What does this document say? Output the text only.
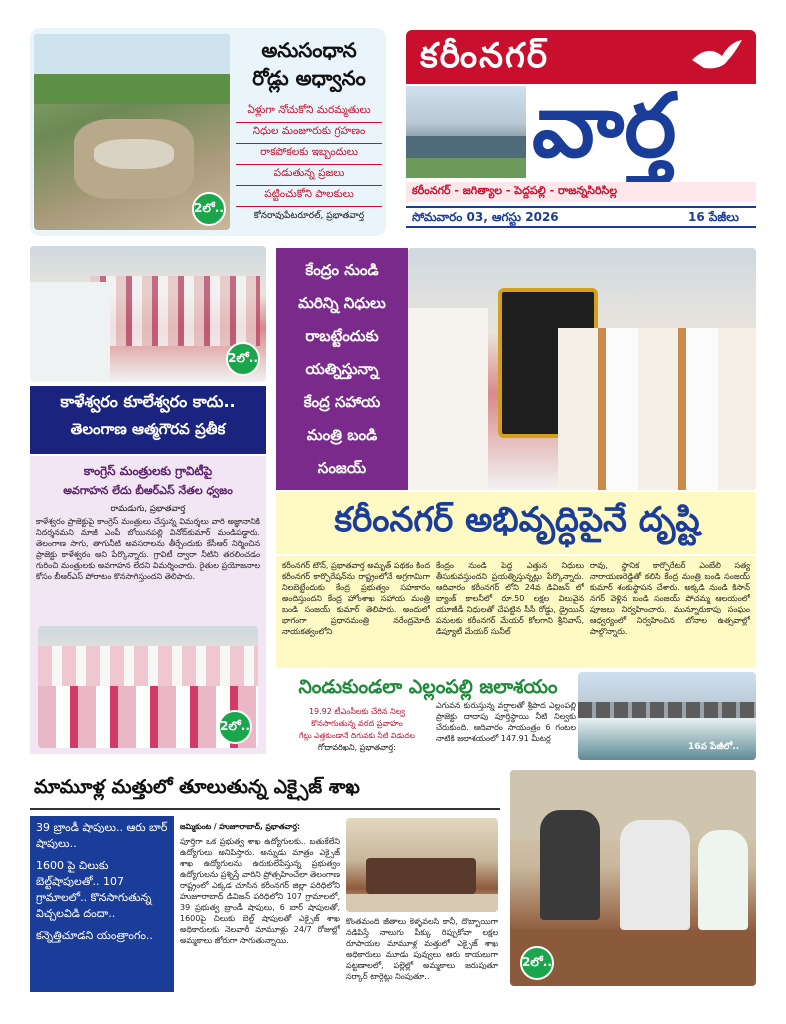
2లో..
అనుసంధాన
రోడ్లు అధ్వానం

ఏళ్లుగా నోచుకోని మరమ్మతులు

నిధుల మంజూరుకు గ్రహణం

రాకపోకలకు ఇబ్బందులు

పడుతున్న ప్రజలు

పట్టించుకోని పాలకులు

కోనరావుపేటరూరల్, ప్రభాతవార్త
కరీంనగర్
వార్త
కరీంనగర్ - జగిత్యాల - పెద్దపల్లి - రాజన్నసిరిసిల్ల
సోమవారం 03, ఆగస్టు 2026	16 పేజీలు
2లో..
కాళేశ్వరం కూలేశ్వరం కాదు..
తెలంగాణ ఆత్మగౌరవ ప్రతీక
కాంగ్రెస్ మంత్రులకు గ్రావిటీపై
అవగాహన లేదు బీఆర్ఎస్ నేతల ధ్వజం
రామడుగు, ప్రభాతవార్త
కాళేశ్వరం ప్రాజెక్టుపై కాంగ్రెస్ మంత్రులు చేస్తున్న విమర్శలు వారి అజ్ఞానానికి నిదర్శనమని మాజీ ఎంపీ బోయినపల్లి వినోద్‌కుమార్ మండిపడ్డారు. తెలంగాణ సాగు, తాగునీటి అవసరాలను తీర్చేందుకు కేసీఆర్ నిర్మించిన ప్రాజెక్టు కాళేశ్వరం అని పేర్కొన్నారు. గ్రావిటీ ద్వారా నీటిని తరలించడం గురించి మంత్రులకు అవగాహన లేదని విమర్శించారు. రైతుల ప్రయోజనాల కోసం బీఆర్ఎస్ పోరాటం కొనసాగిస్తుందని తెలిపారు.
2లో..
కేంద్రం నుండి
మరిన్ని నిధులు
రాబట్టేందుకు
యత్నిస్తున్నా
కేంద్ర సహాయ
మంత్రి బండి
సంజయ్
కరీంనగర్ అభివృద్ధిపైనే దృష్టి
కరీంనగర్ టౌన్, ప్రభాతవార్త అమృత్ పథకం కింద కరీంనగర్ కార్పొరేషన్‌ను రాష్ట్రంలోనే అగ్రగామిగా నిలబెట్టేందుకు కేంద్ర ప్రభుత్వం సహకారం అందిస్తుందని కేంద్ర హోంశాఖ సహాయ మంత్రి బండి సంజయ్ కుమార్ తెలిపారు. అందులో భాగంగా ప్రధానమంత్రి నరేంద్రమోదీ నాయకత్వంలోని
కేంద్రం నుండి పెద్ద ఎత్తున నిధులు తీసుకువస్తుందని ప్రయత్నిస్తున్నట్లు పేర్కొన్నారు. ఆదివారం కరీంనగర్ లోని 24వ డివిజన్ లో బ్యాంక్ కాలనీలో రూ.50 లక్షల విలువైన యూజీడీ నిధులతో చేపట్టిన సీసీ రోడ్డు, డ్రైయిన్ పనులకు కరీంనగర్ మేయర్ కోలగాని శ్రీనివాస్, డిప్యూటీ మేయర్ సునీల్
రావు, స్థానిక కార్పొరేటర్ ఎంబేలి సత్య నారాయణరెడ్డితో కలిసి కేంద్ర మంత్రి బండి సంజయ్ కుమార్ శంకుస్థాపన చేశారు. అక్కడి నుండి కిసాన్ నగర్ వెళ్లిన బండి సంజయ్ పోచమ్మ ఆలయంలో పూజలు నిర్వహించారు. మున్నూరుకాపు సంఘం ఆధ్వర్యంలో నిర్వహించిన బోనాల ఉత్సవాల్లో పాల్గొన్నారు.
నిండుకుండలా ఎల్లంపల్లి జలాశయం
16వ పేజీలో..
19.92 టీఎంసీలకు చేరిన నిల్వ
కొనసాగుతున్న వరద ప్రవాహం
గేట్లు ఎత్తకుండానే దిగువకు నీటి విడుదల
గోదావరిఖని, ప్రభాతవార్త:
ఎగువన కురుస్తున్న వర్షాలతో శ్రీపాద ఎల్లంపల్లి ప్రాజెక్టు దాదాపు పూర్తిస్థాయి నీటి నిల్వకు చేరుకుంది. ఆదివారం సాయంత్రం 6 గంటల నాటికి జలాశయంలో 147.91 మీటర్ల
మామూళ్ల మత్తులో తూలుతున్న ఎక్సైజ్ శాఖ
39 బ్రాండీ షాపులు.. ఆరు బార్ షాపులు..
1600 పై చిలుకు బెల్ట్‌షాపులతో.. 107 గ్రామాలలో.. కొనసాగుతున్న విచ్చలవిడి దందా..
కన్నెత్తిచూడని యంత్రాంగం..
జమ్మికుంట / హుజూరాబాద్, ప్రభాతవార్త:
పూర్తిగా ఒక ప్రభుత్వ శాఖ ఉద్యోగులకు.. బతుకేలేని ఉద్యోగులు అనిపిస్తారు. అన్నుడు మాత్రం ఎక్సైజ్ శాఖ ఉద్యోగులను ఉరుకులేపేస్తున్న ప్రభుత్వం ఉద్యోగులను ప్రశ్నిస్తే వారిని ప్రోత్సహించేలా తెలంగాణ రాష్ట్రంలో ఎక్కడ చూసిన కరీంనగర్ జిల్లా పరిధిలోని హుజూరాబాద్ డివిజన్ పరిధిలోని 107 గ్రామాలలో, 39 ప్రభుత్వ బ్రాండీ షాపులు, 6 బార్ షాపులతో, 1600పై చిలుకు బెల్ట్ షాపులతో ఎక్సైజ్ శాఖ అధికారులకు నెలవారీ మామూళ్లు 24/7 రోజుల్లో అమ్మకాలు జోరుగా సాగుతున్నాయి.
కొంతమంది జీతాలు కెళ్ళవలసి కానీ, దొబ్బాయిగా నడిపిస్తే నాలుగు పీక్కు రిప్పుకోవా లక్షల రూపాయల మామూళ్ల మత్తులో ఎక్సైజ్ శాఖ అధికారులు మూడు పువ్వులు ఆరు కాయలుగా పట్టణాలలో, పల్లెల్లో అమ్మకాలు జరుపుతూ సర్కార్ టార్గెట్లు నింపుతూ..
2లో..
